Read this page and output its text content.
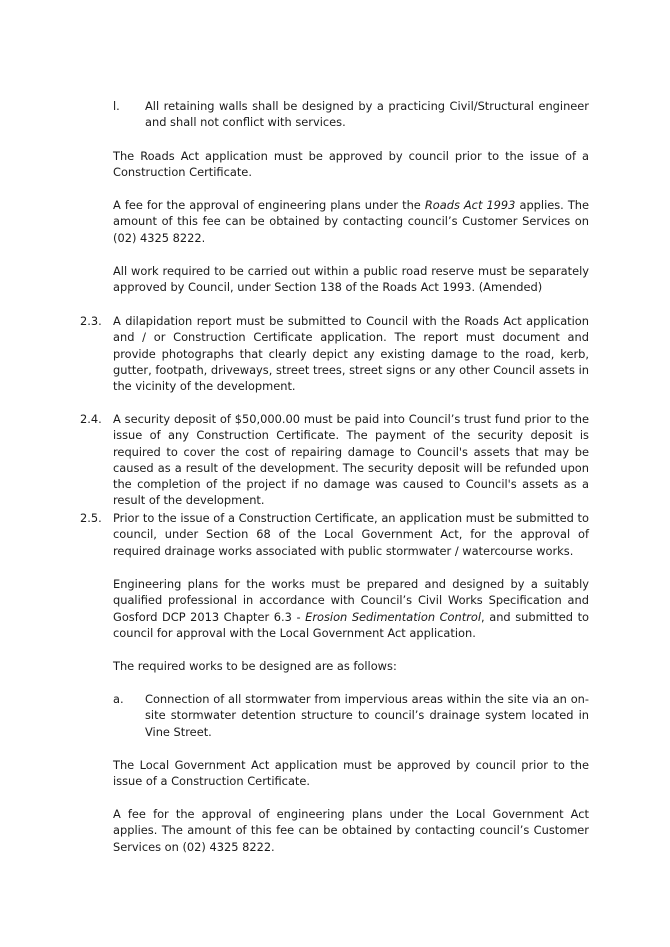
l. All retaining walls shall be designed by a practicing Civil/Structural engineer and shall not conflict with services.

The Roads Act application must be approved by council prior to the issue of a Construction Certificate.

A fee for the approval of engineering plans under the Roads Act 1993 applies. The amount of this fee can be obtained by contacting council’s Customer Services on (02) 4325 8222.

All work required to be carried out within a public road reserve must be separately approved by Council, under Section 138 of the Roads Act 1993. (Amended)

2.3. A dilapidation report must be submitted to Council with the Roads Act application and / or Construction Certificate application. The report must document and provide photographs that clearly depict any existing damage to the road, kerb, gutter, footpath, driveways, street trees, street signs or any other Council assets in the vicinity of the development.

2.4. A security deposit of $50,000.00 must be paid into Council’s trust fund prior to the issue of any Construction Certificate. The payment of the security deposit is required to cover the cost of repairing damage to Council's assets that may be caused as a result of the development. The security deposit will be refunded upon the completion of the project if no damage was caused to Council's assets as a result of the development.

2.5. Prior to the issue of a Construction Certificate, an application must be submitted to council, under Section 68 of the Local Government Act, for the approval of required drainage works associated with public stormwater / watercourse works.

Engineering plans for the works must be prepared and designed by a suitably qualified professional in accordance with Council’s Civil Works Specification and Gosford DCP 2013 Chapter 6.3 - Erosion Sedimentation Control, and submitted to council for approval with the Local Government Act application.

The required works to be designed are as follows:

a. Connection of all stormwater from impervious areas within the site via an on-site stormwater detention structure to council’s drainage system located in Vine Street.

The Local Government Act application must be approved by council prior to the issue of a Construction Certificate.

A fee for the approval of engineering plans under the Local Government Act applies. The amount of this fee can be obtained by contacting council’s Customer Services on (02) 4325 8222.
